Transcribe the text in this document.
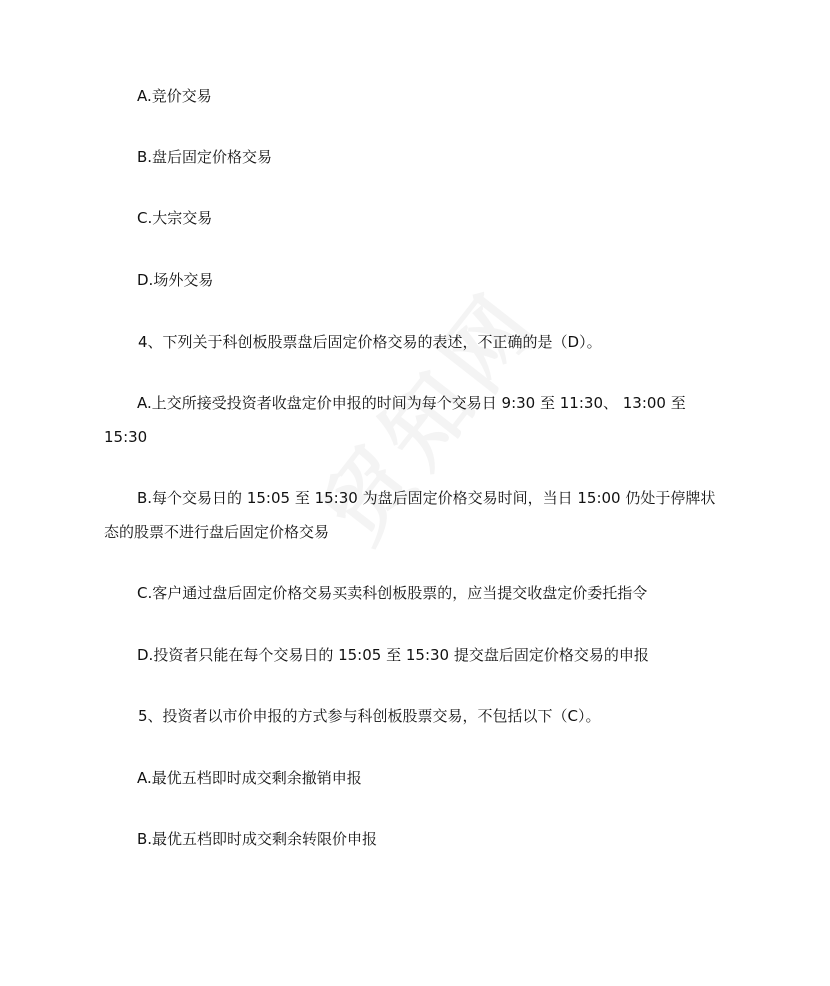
A.竞价交易
B.盘后固定价格交易
C.大宗交易
D.场外交易
4、下列关于科创板股票盘后固定价格交易的表述，不正确的是（D）。
A.上交所接受投资者收盘定价申报的时间为每个交易日 9:30 至 11:30、 13:00 至
15:30
B.每个交易日的 15:05 至 15:30 为盘后固定价格交易时间，当日 15:00 仍处于停牌状
态的股票不进行盘后固定价格交易
C.客户通过盘后固定价格交易买卖科创板股票的，应当提交收盘定价委托指令
D.投资者只能在每个交易日的 15:05 至 15:30 提交盘后固定价格交易的申报
5、投资者以市价申报的方式参与科创板股票交易，不包括以下（C）。
A.最优五档即时成交剩余撤销申报
B.最优五档即时成交剩余转限价申报
